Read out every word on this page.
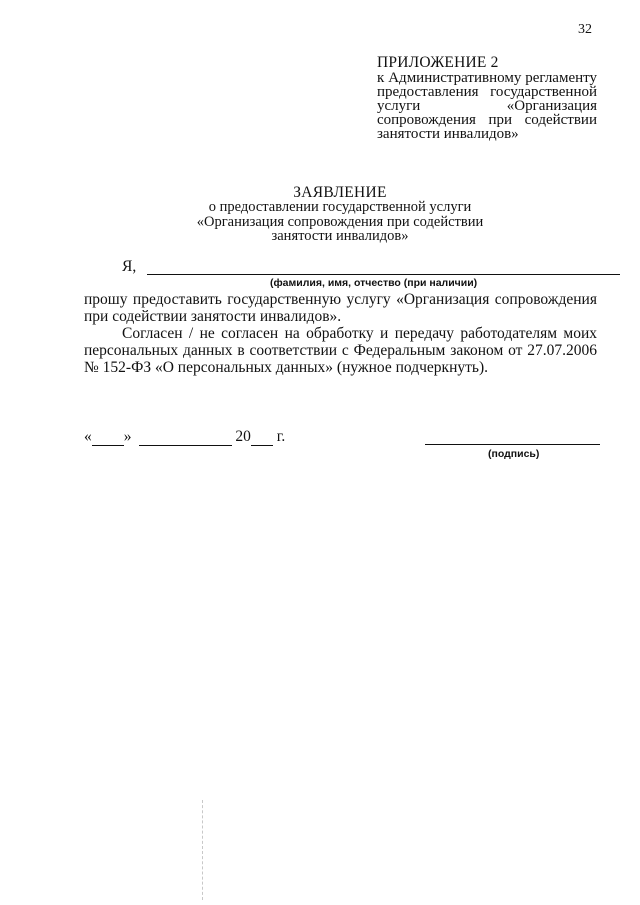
32
ПРИЛОЖЕНИЕ 2
к Административному регламенту предоставления государственной услуги «Организация сопровождения при содействии занятости инвалидов»
ЗАЯВЛЕНИЕ
о предоставлении государственной услуги
«Организация сопровождения при содействии
занятости инвалидов»
Я,
(фамилия, имя, отчество (при наличии)
прошу предоставить государственную услугу «Организация сопровождения при содействии занятости инвалидов».
Согласен / не согласен на обработку и передачу работодателям моих персональных данных в соответствии с Федеральным законом от 27.07.2006 № 152-ФЗ «О персональных данных» (нужное подчеркнуть).
« »	20 г.
(подпись)
